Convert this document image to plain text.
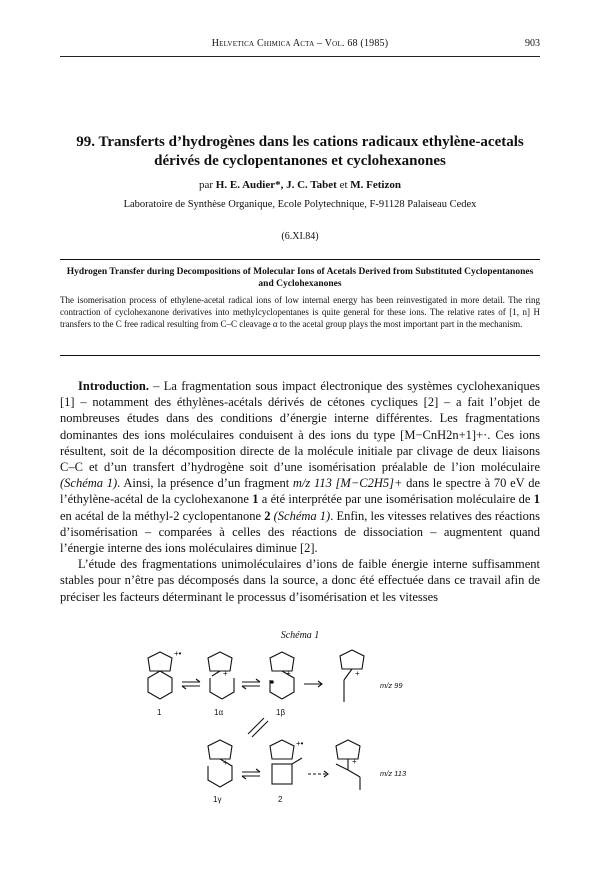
Helvetica Chimica Acta – Vol. 68 (1985)	903
99. Transferts d’hydrogènes dans les cations radicaux ethylène-acetals dérivés de cyclopentanones et cyclohexanones
par H. E. Audier*, J. C. Tabet et M. Fetizon
Laboratoire de Synthèse Organique, Ecole Polytechnique, F-91128 Palaiseau Cedex
(6.XI.84)
Hydrogen Transfer during Decompositions of Molecular Ions of Acetals Derived from Substituted Cyclopentanones and Cyclohexanones
The isomerisation process of ethylene-acetal radical ions of low internal energy has been reinvestigated in more detail. The ring contraction of cyclohexanone derivatives into methylcyclopentanes is quite general for these ions. The relative rates of [1, n] H transfers to the C free radical resulting from C–C cleavage α to the acetal group plays the most important part in the mechanism.

Introduction. – La fragmentation sous impact électronique des systèmes cyclohexaniques [1] – notamment des éthylènes-acétals dérivés de cétones cycliques [2] – a fait l’objet de nombreuses études dans des conditions d’énergie interne différentes. Les fragmentations dominantes des ions moléculaires conduisent à des ions du type [M−CnH2n+1]+·. Ces ions résultent, soit de la décomposition directe de la molécule initiale par clivage de deux liaisons C–C et d’un transfert d’hydrogène soit d’une isomérisation préalable de l’ion moléculaire (Schéma 1). Ainsi, la présence d’un fragment m/z 113 [M−C2H5]+ dans le spectre à 70 eV de l’éthylène-acétal de la cyclohexanone 1 a été interprétée par une isomérisation moléculaire de 1 en acétal de la méthyl-2 cyclopentanone 2 (Schéma 1). Enfin, les vitesses relatives des réactions d’isomérisation – comparées à celles des réactions de dissociation – augmentent quand l’énergie interne des ions moléculaires diminue [2].

L’étude des fragmentations unimoléculaires d’ions de faible énergie interne suffisamment stables pour n’être pas décomposés dans la source, a donc été effectuée dans ce travail afin de préciser les facteurs déterminant le processus d’isomérisation et les vitesses

Schéma 1
+•
1
+
1α
+
1β
+
m/z 99
+
1γ
+•
2
+
m/z 113
